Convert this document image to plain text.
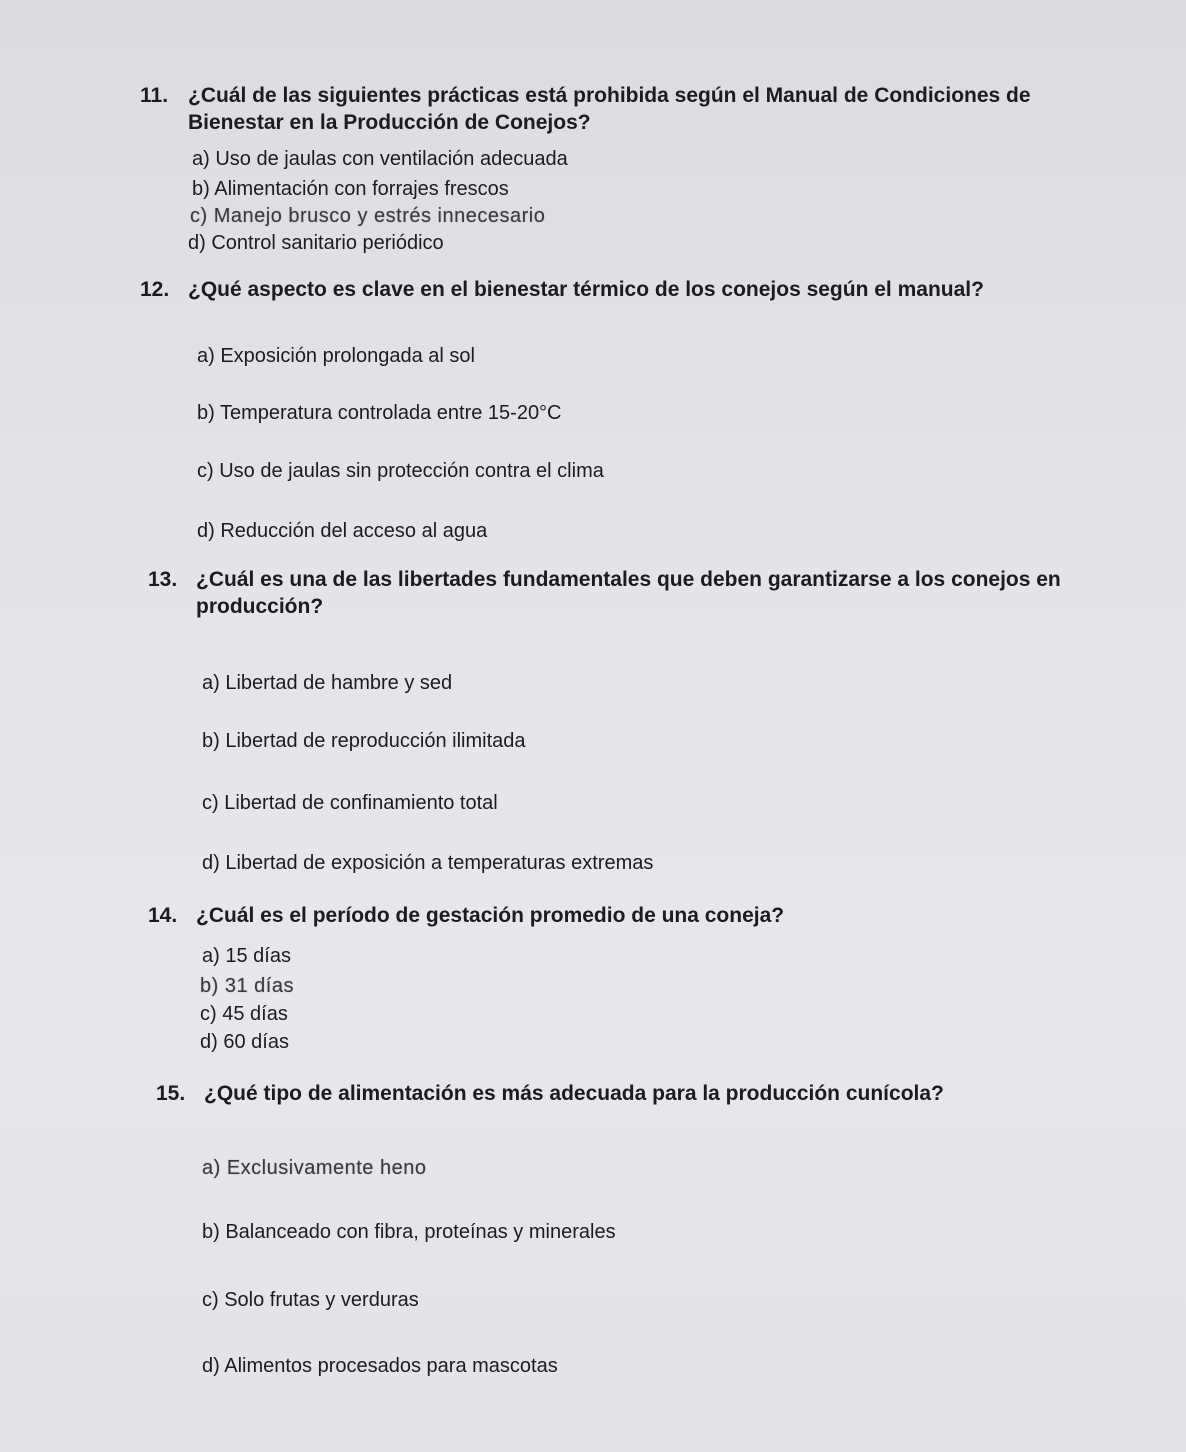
11. ¿Cuál de las siguientes prácticas está prohibida según el Manual de Condiciones de Bienestar en la Producción de Conejos?

a) Uso de jaulas con ventilación adecuada
b) Alimentación con forrajes frescos
c) Manejo brusco y estrés innecesario
d) Control sanitario periódico

12. ¿Qué aspecto es clave en el bienestar térmico de los conejos según el manual?

a) Exposición prolongada al sol
b) Temperatura controlada entre 15-20°C
c) Uso de jaulas sin protección contra el clima
d) Reducción del acceso al agua

13. ¿Cuál es una de las libertades fundamentales que deben garantizarse a los conejos en producción?

a) Libertad de hambre y sed
b) Libertad de reproducción ilimitada
c) Libertad de confinamiento total
d) Libertad de exposición a temperaturas extremas

14. ¿Cuál es el período de gestación promedio de una coneja?

a) 15 días
b) 31 días
c) 45 días
d) 60 días

15. ¿Qué tipo de alimentación es más adecuada para la producción cunícola?

a) Exclusivamente heno
b) Balanceado con fibra, proteínas y minerales
c) Solo frutas y verduras
d) Alimentos procesados para mascotas
